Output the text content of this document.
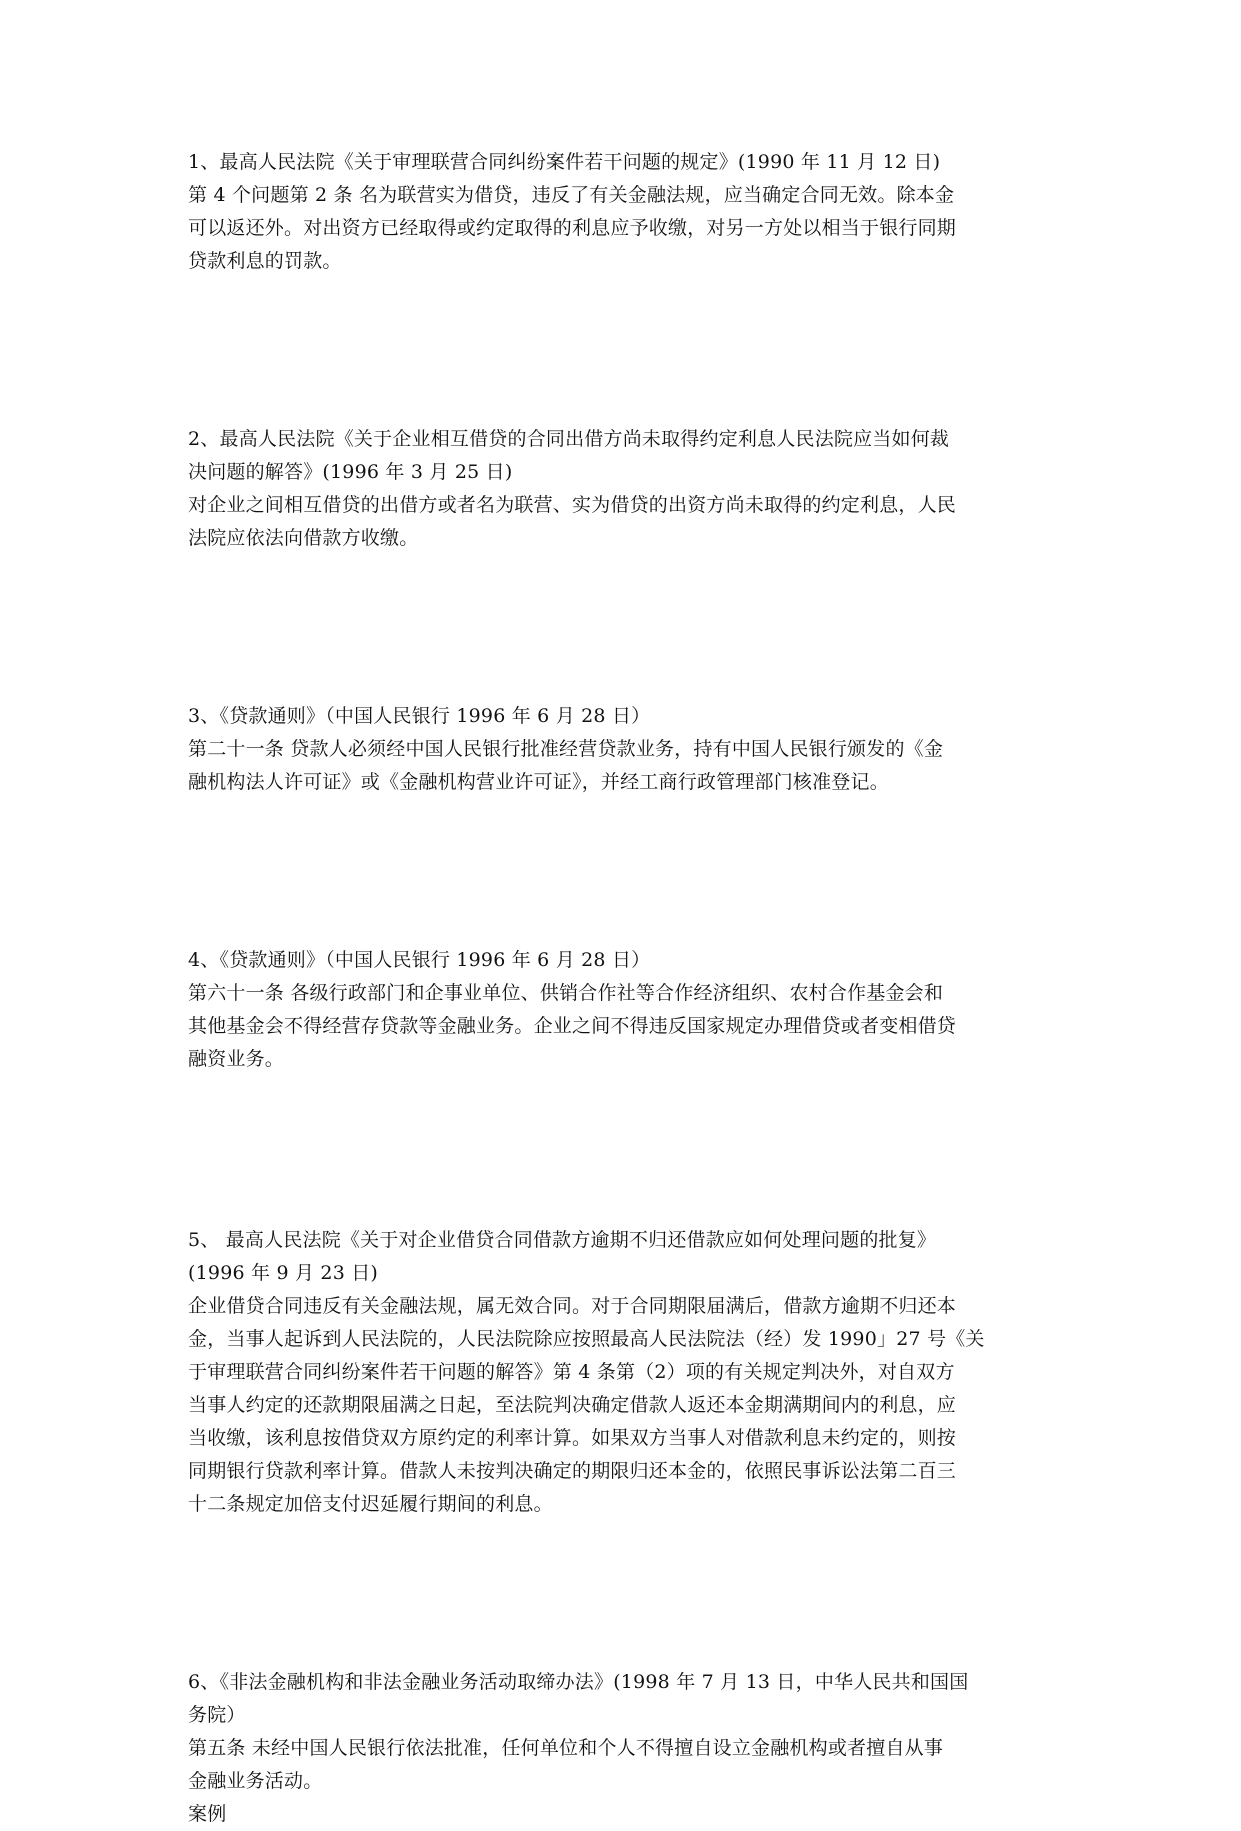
1、最高人民法院《关于审理联营合同纠纷案件若干问题的规定》(1990 年 11 月 12 日)
第 4 个问题第 2 条 名为联营实为借贷，违反了有关金融法规，应当确定合同无效。除本金
可以返还外。对出资方已经取得或约定取得的利息应予收缴，对另一方处以相当于银行同期
贷款利息的罚款。
2、最高人民法院《关于企业相互借贷的合同出借方尚未取得约定利息人民法院应当如何裁
决问题的解答》(1996 年 3 月 25 日)
对企业之间相互借贷的出借方或者名为联营、实为借贷的出资方尚未取得的约定利息，人民
法院应依法向借款方收缴。
3、《贷款通则》（中国人民银行 1996 年 6 月 28 日）
第二十一条 贷款人必须经中国人民银行批准经营贷款业务，持有中国人民银行颁发的《金
融机构法人许可证》或《金融机构营业许可证》，并经工商行政管理部门核准登记。
4、《贷款通则》（中国人民银行 1996 年 6 月 28 日）
第六十一条 各级行政部门和企事业单位、供销合作社等合作经济组织、农村合作基金会和
其他基金会不得经营存贷款等金融业务。企业之间不得违反国家规定办理借贷或者变相借贷
融资业务。
5、 最高人民法院《关于对企业借贷合同借款方逾期不归还借款应如何处理问题的批复》
(1996 年 9 月 23 日)
企业借贷合同违反有关金融法规，属无效合同。对于合同期限届满后，借款方逾期不归还本
金，当事人起诉到人民法院的，人民法院除应按照最高人民法院法（经）发 1990」27 号《关
于审理联营合同纠纷案件若干问题的解答》第 4 条第（2）项的有关规定判决外，对自双方
当事人约定的还款期限届满之日起，至法院判决确定借款人返还本金期满期间内的利息，应
当收缴，该利息按借贷双方原约定的利率计算。如果双方当事人对借款利息未约定的，则按
同期银行贷款利率计算。借款人未按判决确定的期限归还本金的，依照民事诉讼法第二百三
十二条规定加倍支付迟延履行期间的利息。
6、《非法金融机构和非法金融业务活动取缔办法》(1998 年 7 月 13 日，中华人民共和国国
务院）
第五条 未经中国人民银行依法批准，任何单位和个人不得擅自设立金融机构或者擅自从事
金融业务活动。
案例
